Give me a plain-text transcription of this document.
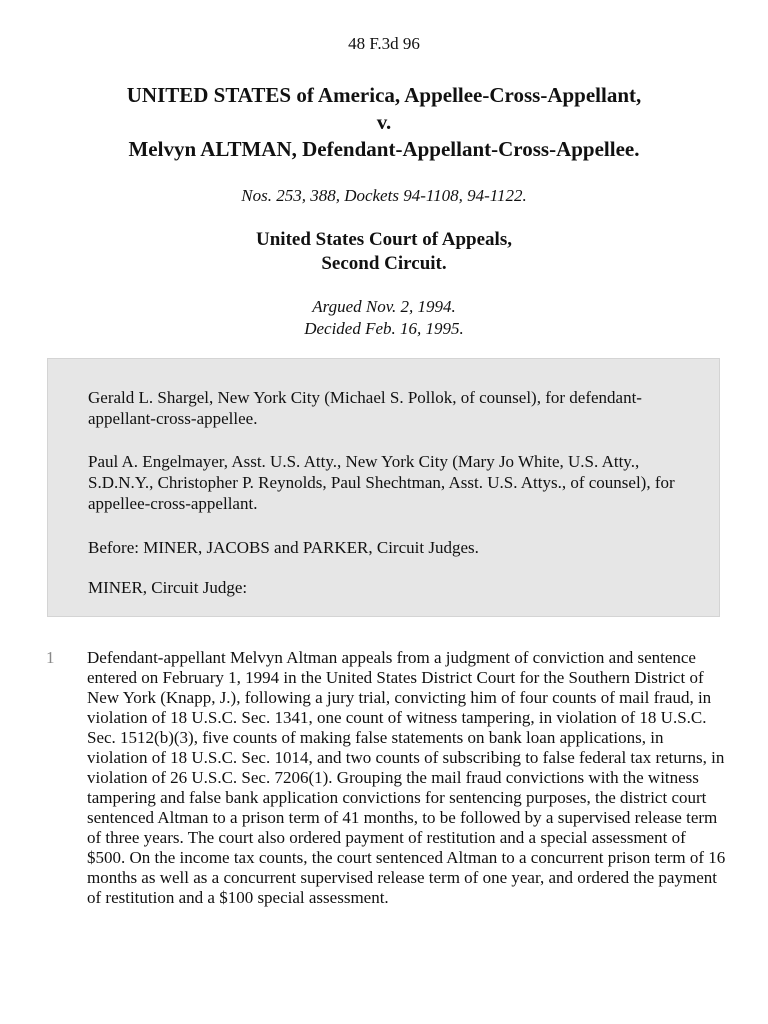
48 F.3d 96
UNITED STATES of America, Appellee-Cross-Appellant,
v.
Melvyn ALTMAN, Defendant-Appellant-Cross-Appellee.
Nos. 253, 388, Dockets 94-1108, 94-1122.
United States Court of Appeals,
Second Circuit.
Argued Nov. 2, 1994.
Decided Feb. 16, 1995.

Gerald L. Shargel, New York City (Michael S. Pollok, of counsel), for defendant-appellant-cross-appellee.

Paul A. Engelmayer, Asst. U.S. Atty., New York City (Mary Jo White, U.S. Atty., S.D.N.Y., Christopher P. Reynolds, Paul Shechtman, Asst. U.S. Attys., of counsel), for appellee-cross-appellant.

Before: MINER, JACOBS and PARKER, Circuit Judges.

MINER, Circuit Judge:

1 Defendant-appellant Melvyn Altman appeals from a judgment of conviction and sentence entered on February 1, 1994 in the United States District Court for the Southern District of New York (Knapp, J.), following a jury trial, convicting him of four counts of mail fraud, in violation of 18 U.S.C. Sec. 1341, one count of witness tampering, in violation of 18 U.S.C. Sec. 1512(b)(3), five counts of making false statements on bank loan applications, in violation of 18 U.S.C. Sec. 1014, and two counts of subscribing to false federal tax returns, in violation of 26 U.S.C. Sec. 7206(1). Grouping the mail fraud convictions with the witness tampering and false bank application convictions for sentencing purposes, the district court sentenced Altman to a prison term of 41 months, to be followed by a supervised release term of three years. The court also ordered payment of restitution and a special assessment of $500. On the income tax counts, the court sentenced Altman to a concurrent prison term of 16 months as well as a concurrent supervised release term of one year, and ordered the payment of restitution and a $100 special assessment.
